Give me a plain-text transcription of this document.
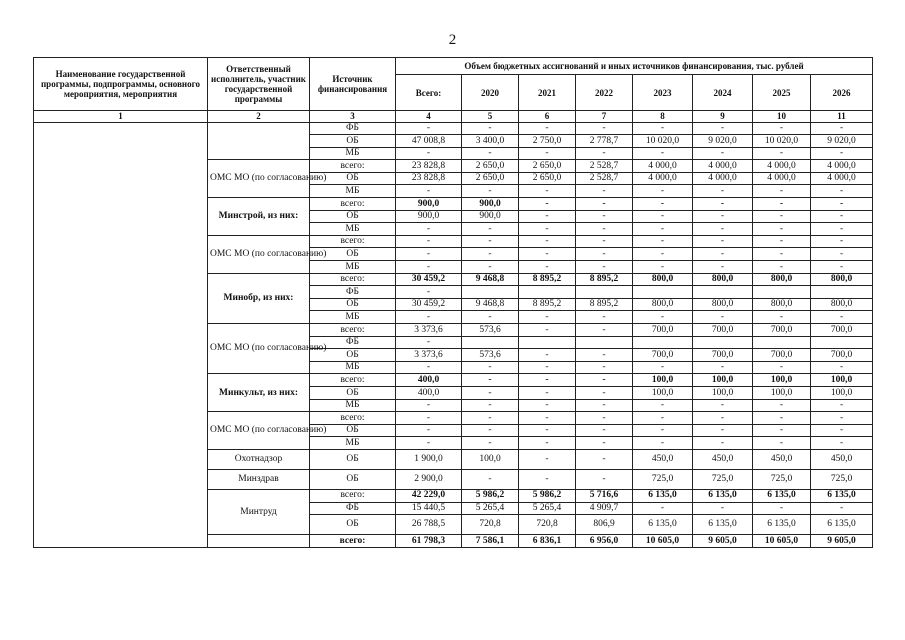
2
Наименование государственной программы, подпрограммы, основного мероприятия, мероприятия	Ответственный исполнитель, участник государственной программы	Источник финансирования	Объем бюджетных ассигнований и иных источников финансирования, тыс. рублей							
			Всего:	2020	2021	2022	2023	2024	2025	2026
1	2	3	4	5	6	7	8	9	10	11
		ФБ	-	-	-	-	-	-	-	-
		ОБ	47 008,8	3 400,0	2 750,0	2 778,7	10 020,0	9 020,0	10 020,0	9 020,0
		МБ	-	-	-	-	-	-	-	-
	ОМС МО (по согласованию)	всего:	23 828,8	2 650,0	2 650,0	2 528,7	4 000,0	4 000,0	4 000,0	4 000,0
		ОБ	23 828,8	2 650,0	2 650,0	2 528,7	4 000,0	4 000,0	4 000,0	4 000,0
		МБ	-	-	-	-	-	-	-	-
	Минстрой, из них:	всего:	900,0	900,0	-	-	-	-	-	-
		ОБ	900,0	900,0	-	-	-	-	-	-
		МБ	-	-	-	-	-	-	-	-
	ОМС МО (по согласованию)	всего:	-	-	-	-	-	-	-	-
		ОБ	-	-	-	-	-	-	-	-
		МБ	-	-	-	-	-	-	-	-
	Минобр, из них:	всего:	30 459,2	9 468,8	8 895,2	8 895,2	800,0	800,0	800,0	800,0
		ФБ	-							
		ОБ	30 459,2	9 468,8	8 895,2	8 895,2	800,0	800,0	800,0	800,0
		МБ	-	-	-	-	-	-	-	-
	ОМС МО (по согласованию)	всего:	3 373,6	573,6	-	-	700,0	700,0	700,0	700,0
		ФБ	-							
		ОБ	3 373,6	573,6	-	-	700,0	700,0	700,0	700,0
		МБ	-	-	-	-	-	-	-	-
	Минкульт, из них:	всего:	400,0	-	-	-	100,0	100,0	100,0	100,0
		ОБ	400,0	-	-	-	100,0	100,0	100,0	100,0
		МБ	-	-	-	-	-	-	-	-
	ОМС МО (по согласованию)	всего:	-	-	-	-	-	-	-	-
		ОБ	-	-	-	-	-	-	-	-
		МБ	-	-	-	-	-	-	-	-
	Охотнадзор	ОБ	1 900,0	100,0	-	-	450,0	450,0	450,0	450,0
	Минздрав	ОБ	2 900,0	-	-	-	725,0	725,0	725,0	725,0
	Минтруд	всего:	42 229,0	5 986,2	5 986,2	5 716,6	6 135,0	6 135,0	6 135,0	6 135,0
		ФБ	15 440,5	5 265,4	5 265,4	4 909,7	-	-	-	-
		ОБ	26 788,5	720,8	720,8	806,9	6 135,0	6 135,0	6 135,0	6 135,0
		всего:	61 798,3	7 586,1	6 836,1	6 956,0	10 605,0	9 605,0	10 605,0	9 605,0
